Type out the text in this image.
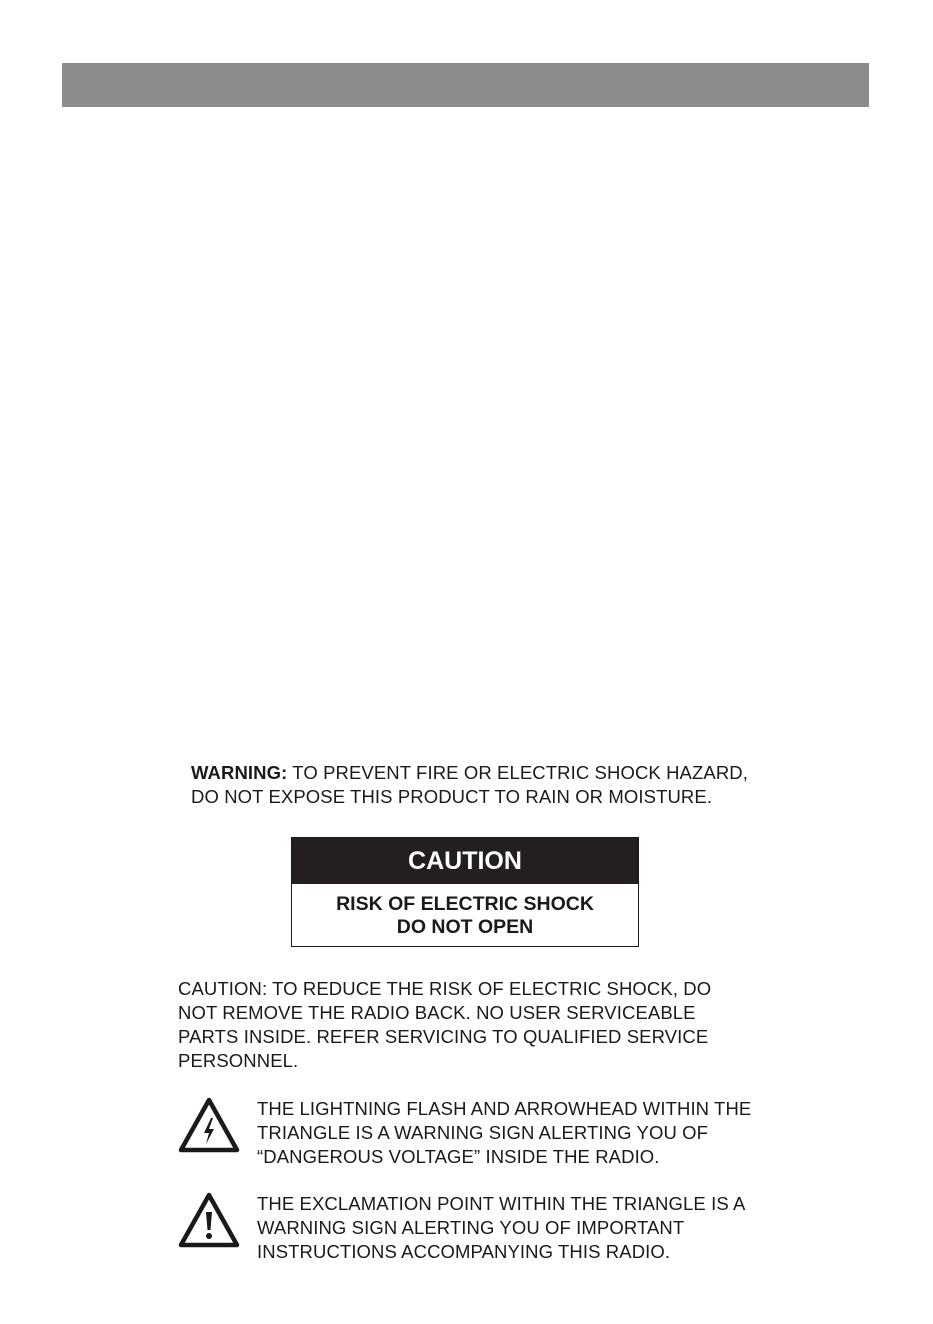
WARNING: TO PREVENT FIRE OR ELECTRIC SHOCK HAZARD,
DO NOT EXPOSE THIS PRODUCT TO RAIN OR MOISTURE.
CAUTION
RISK OF ELECTRIC SHOCK
DO NOT OPEN
CAUTION: TO REDUCE THE RISK OF ELECTRIC SHOCK, DO
NOT REMOVE THE RADIO BACK. NO USER SERVICEABLE
PARTS INSIDE. REFER SERVICING TO QUALIFIED SERVICE
PERSONNEL.
THE LIGHTNING FLASH AND ARROWHEAD WITHIN THE
TRIANGLE IS A WARNING SIGN ALERTING YOU OF
“DANGEROUS VOLTAGE” INSIDE THE RADIO.
THE EXCLAMATION POINT WITHIN THE TRIANGLE IS A
WARNING SIGN ALERTING YOU OF IMPORTANT
INSTRUCTIONS ACCOMPANYING THIS RADIO.
